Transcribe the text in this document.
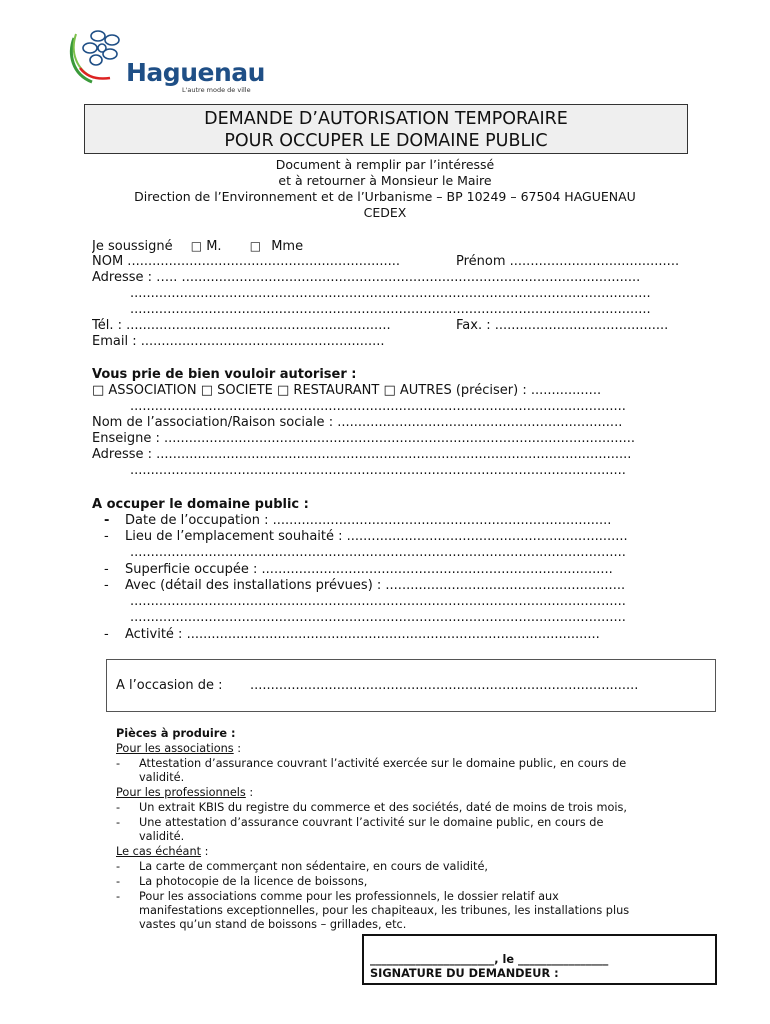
Haguenau
L'autre mode de ville
DEMANDE D’AUTORISATION TEMPORAIRE
POUR OCCUPER LE DOMAINE PUBLIC
Document à remplir par l’intéressé
et à retourner à Monsieur le Maire
Direction de l’Environnement et de l’Urbanisme – BP 10249 – 67504 HAGUENAU
CEDEX
Je soussigné □ M. □ Mme
NOM ..................................................................	Prénom .........................................
Adresse : ….. ...............................................................................................................
..............................................................................................................................
..............................................................................................................................
Tél. : ................................................................	Fax. : ..........................................
Email : ...........................................................
Vous prie de bien vouloir autoriser :
□ ASSOCIATION □ SOCIETE □ RESTAURANT □ AUTRES (préciser) : .................
........................................................................................................................
Nom de l’association/Raison sociale : .....................................................................
Enseigne : ..................................................................................................................
Adresse : ...................................................................................................................
........................................................................................................................
A occuper le domaine public :
-	Date de l’occupation : ..................................................................................
-	Lieu de l’emplacement souhaité : ....................................................................
........................................................................................................................
-	Superficie occupée : .....................................................................................
-	Avec (détail des installations prévues) : ..........................................................
........................................................................................................................
........................................................................................................................
-	Activité : ....................................................................................................
A l’occasion de :	..............................................................................................
Pièces à produire :
Pour les associations :
- Attestation d’assurance couvrant l’activité exercée sur le domaine public, en cours de
validité.
Pour les professionnels :
- Un extrait KBIS du registre du commerce et des sociétés, daté de moins de trois mois,
- Une attestation d’assurance couvrant l’activité sur le domaine public, en cours de
validité.
Le cas échéant :
- La carte de commerçant non sédentaire, en cours de validité,
- La photocopie de la licence de boissons,
- Pour les associations comme pour les professionnels, le dossier relatif aux
manifestations exceptionnelles, pour les chapiteaux, les tribunes, les installations plus
vastes qu’un stand de boissons – grillades, etc.
______________________, le ________________
SIGNATURE DU DEMANDEUR :
